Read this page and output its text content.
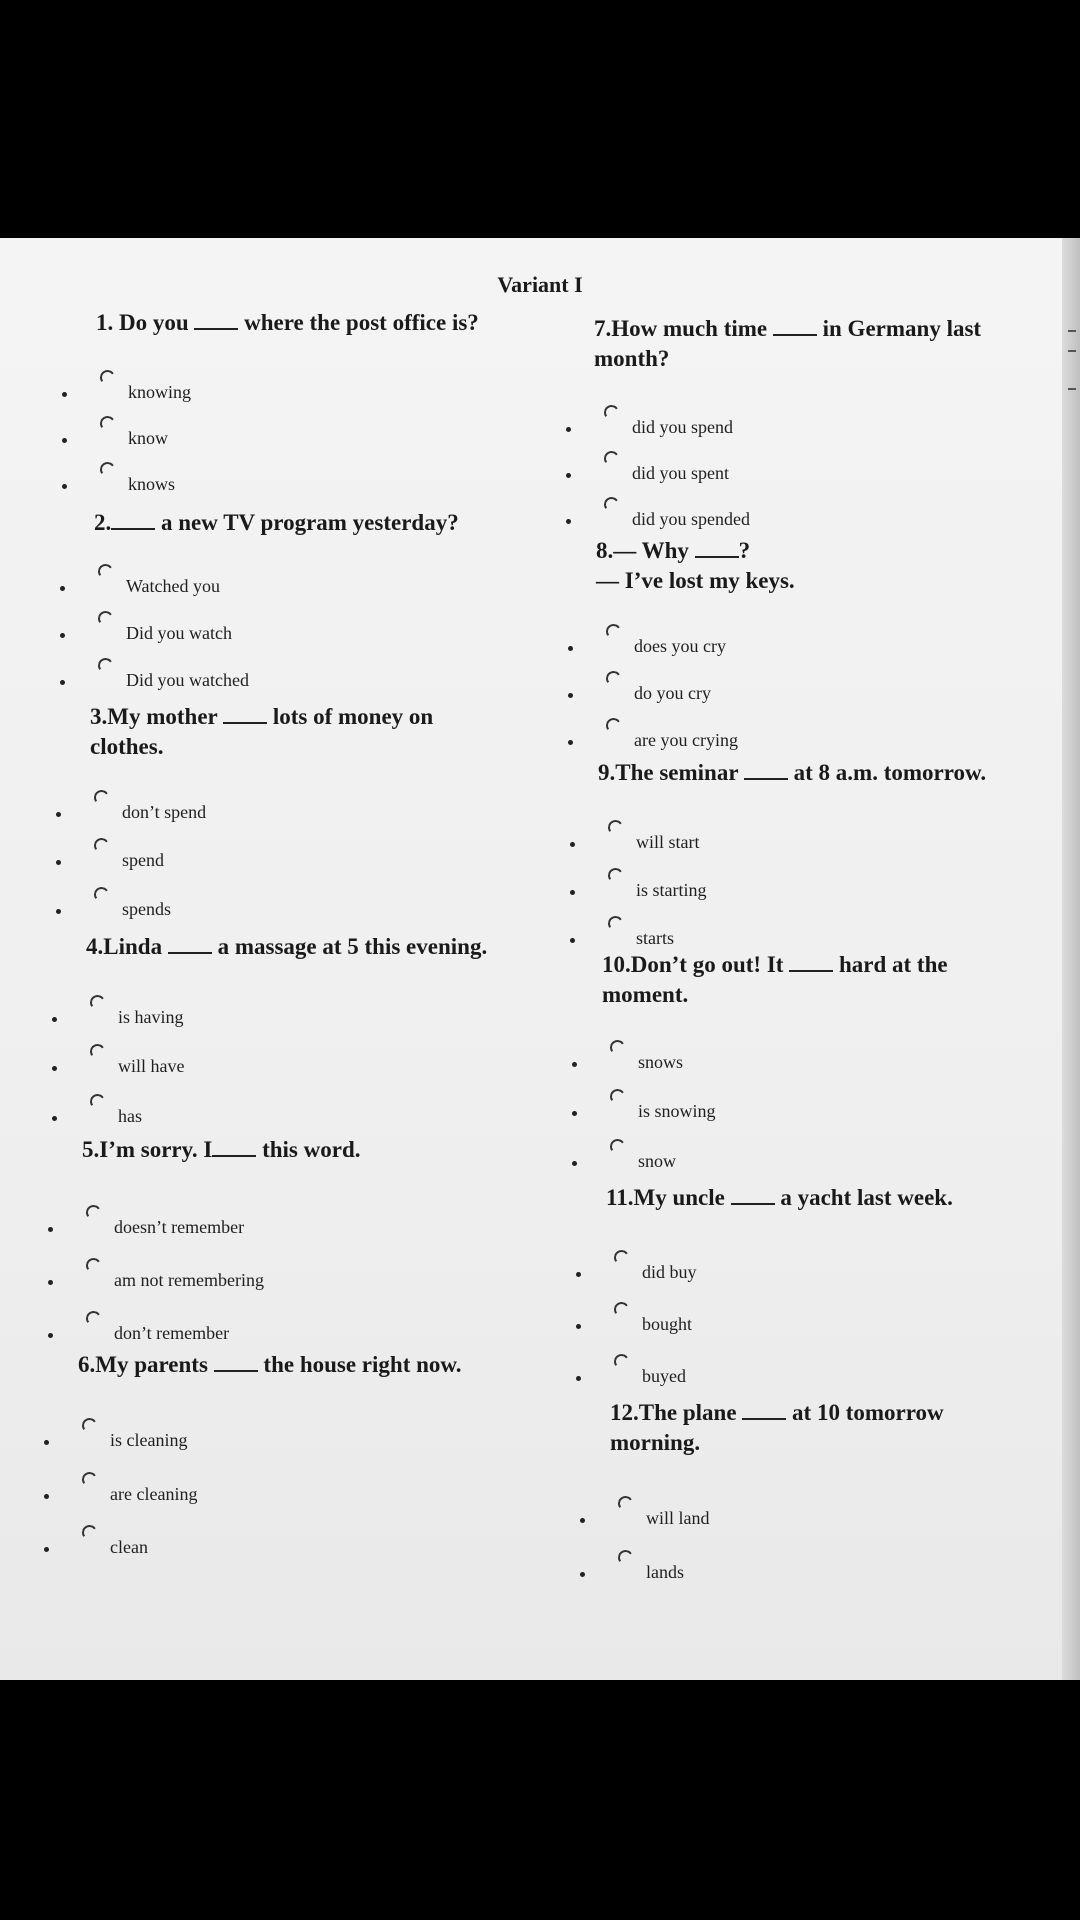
Variant I
1. Do you where the post office is?
knowing
know
knows
2. a new TV program yesterday?
Watched you
Did you watch
Did you watched
3.My mother lots of money on
clothes.
don’t spend
spend
spends
4.Linda a massage at 5 this evening.
is having
will have
has
5.I’m sorry. I this word.
doesn’t remember
am not remembering
don’t remember
6.My parents the house right now.
is cleaning
are cleaning
clean
7.How much time in Germany last
month?
did you spend
did you spent
did you spended
8.— Why ?
— I’ve lost my keys.
does you cry
do you cry
are you crying
9.The seminar at 8 a.m. tomorrow.
will start
is starting
starts
10.Don’t go out! It hard at the
moment.
snows
is snowing
snow
11.My uncle a yacht last week.
did buy
bought
buyed
12.The plane at 10 tomorrow
morning.
will land
lands
